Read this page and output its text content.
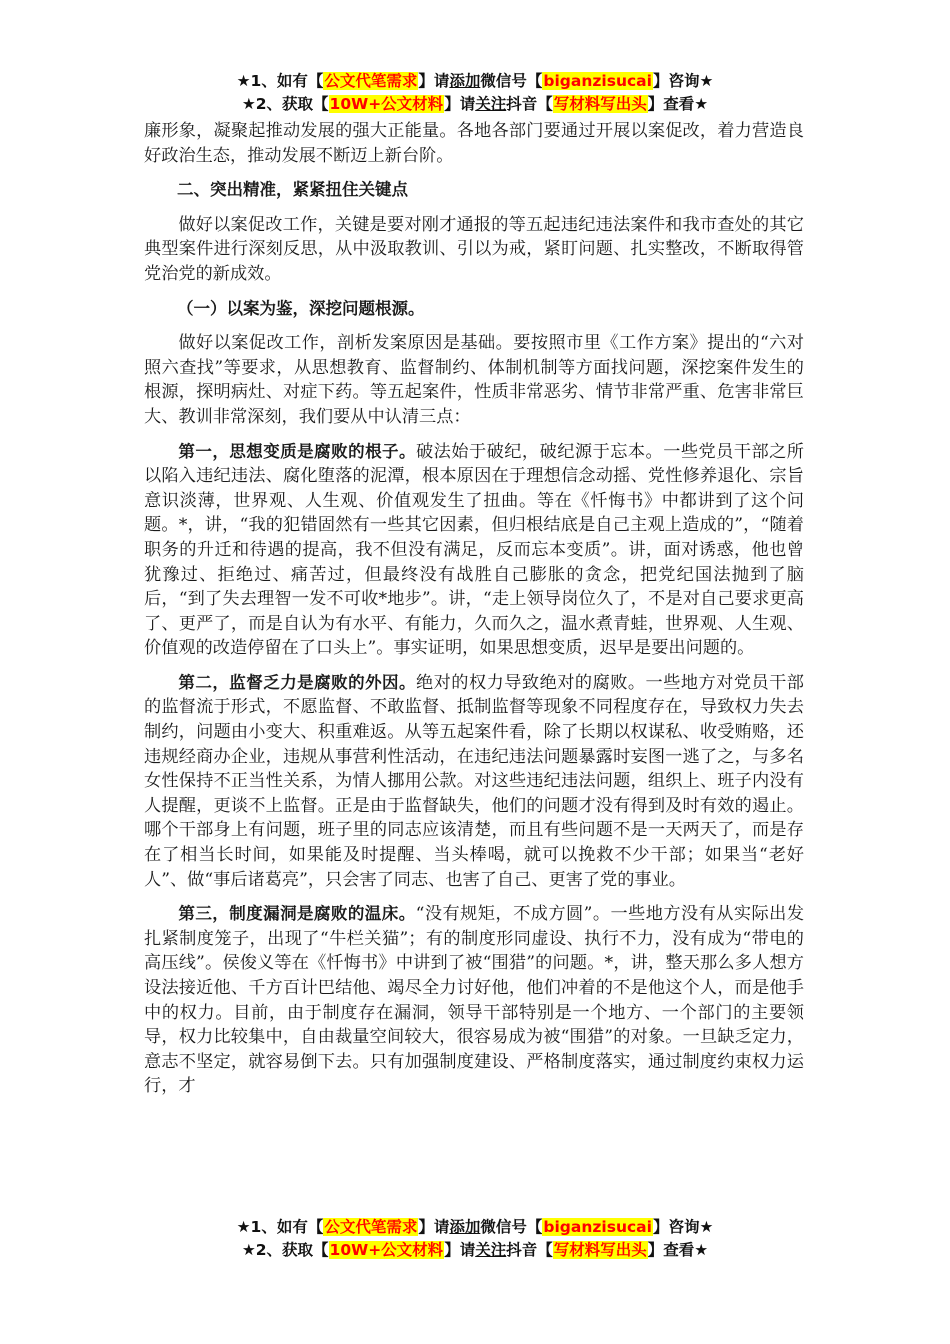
★1、如有【公文代笔需求】请添加微信号【biganzisucai】咨询★
★2、获取【10W+公文材料】请关注抖音【写材料写出头】查看★

廉形象，凝聚起推动发展的强大正能量。各地各部门要通过开展以案促改，着力营造良好政治生态，推动发展不断迈上新台阶。

二、突出精准，紧紧扭住关键点

做好以案促改工作，关键是要对刚才通报的等五起违纪违法案件和我市查处的其它典型案件进行深刻反思，从中汲取教训、引以为戒，紧盯问题、扎实整改，不断取得管党治党的新成效。

（一）以案为鉴，深挖问题根源。

做好以案促改工作，剖析发案原因是基础。要按照市里《工作方案》提出的“六对照六查找”等要求，从思想教育、监督制约、体制机制等方面找问题，深挖案件发生的根源，探明病灶、对症下药。等五起案件，性质非常恶劣、情节非常严重、危害非常巨大、教训非常深刻，我们要从中认清三点：

第一，思想变质是腐败的根子。破法始于破纪，破纪源于忘本。一些党员干部之所以陷入违纪违法、腐化堕落的泥潭，根本原因在于理想信念动摇、党性修养退化、宗旨意识淡薄，世界观、人生观、价值观发生了扭曲。等在《忏悔书》中都讲到了这个问题。*，讲，“我的犯错固然有一些其它因素，但归根结底是自己主观上造成的”，“随着职务的升迁和待遇的提高，我不但没有满足，反而忘本变质”。讲，面对诱惑，他也曾犹豫过、拒绝过、痛苦过，但最终没有战胜自己膨胀的贪念，把党纪国法抛到了脑后，“到了失去理智一发不可收*地步”。讲，“走上领导岗位久了，不是对自己要求更高了、更严了，而是自认为有水平、有能力，久而久之，温水煮青蛙，世界观、人生观、价值观的改造停留在了口头上”。事实证明，如果思想变质，迟早是要出问题的。

第二，监督乏力是腐败的外因。绝对的权力导致绝对的腐败。一些地方对党员干部的监督流于形式，不愿监督、不敢监督、抵制监督等现象不同程度存在，导致权力失去制约，问题由小变大、积重难返。从等五起案件看，除了长期以权谋私、收受贿赂，还违规经商办企业，违规从事营利性活动，在违纪违法问题暴露时妄图一逃了之，与多名女性保持不正当性关系，为情人挪用公款。对这些违纪违法问题，组织上、班子内没有人提醒，更谈不上监督。正是由于监督缺失，他们的问题才没有得到及时有效的遏止。哪个干部身上有问题，班子里的同志应该清楚，而且有些问题不是一天两天了，而是存在了相当长时间，如果能及时提醒、当头棒喝，就可以挽救不少干部；如果当“老好人”、做“事后诸葛亮”，只会害了同志、也害了自己、更害了党的事业。

第三，制度漏洞是腐败的温床。“没有规矩，不成方圆”。一些地方没有从实际出发扎紧制度笼子，出现了“牛栏关猫”；有的制度形同虚设、执行不力，没有成为“带电的高压线”。侯俊义等在《忏悔书》中讲到了被“围猎”的问题。*，讲，整天那么多人想方设法接近他、千方百计巴结他、竭尽全力讨好他，他们冲着的不是他这个人，而是他手中的权力。目前，由于制度存在漏洞，领导干部特别是一个地方、一个部门的主要领导，权力比较集中，自由裁量空间较大，很容易成为被“围猎”的对象。一旦缺乏定力，意志不坚定，就容易倒下去。只有加强制度建设、严格制度落实，通过制度约束权力运行，才

★1、如有【公文代笔需求】请添加微信号【biganzisucai】咨询★
★2、获取【10W+公文材料】请关注抖音【写材料写出头】查看★
